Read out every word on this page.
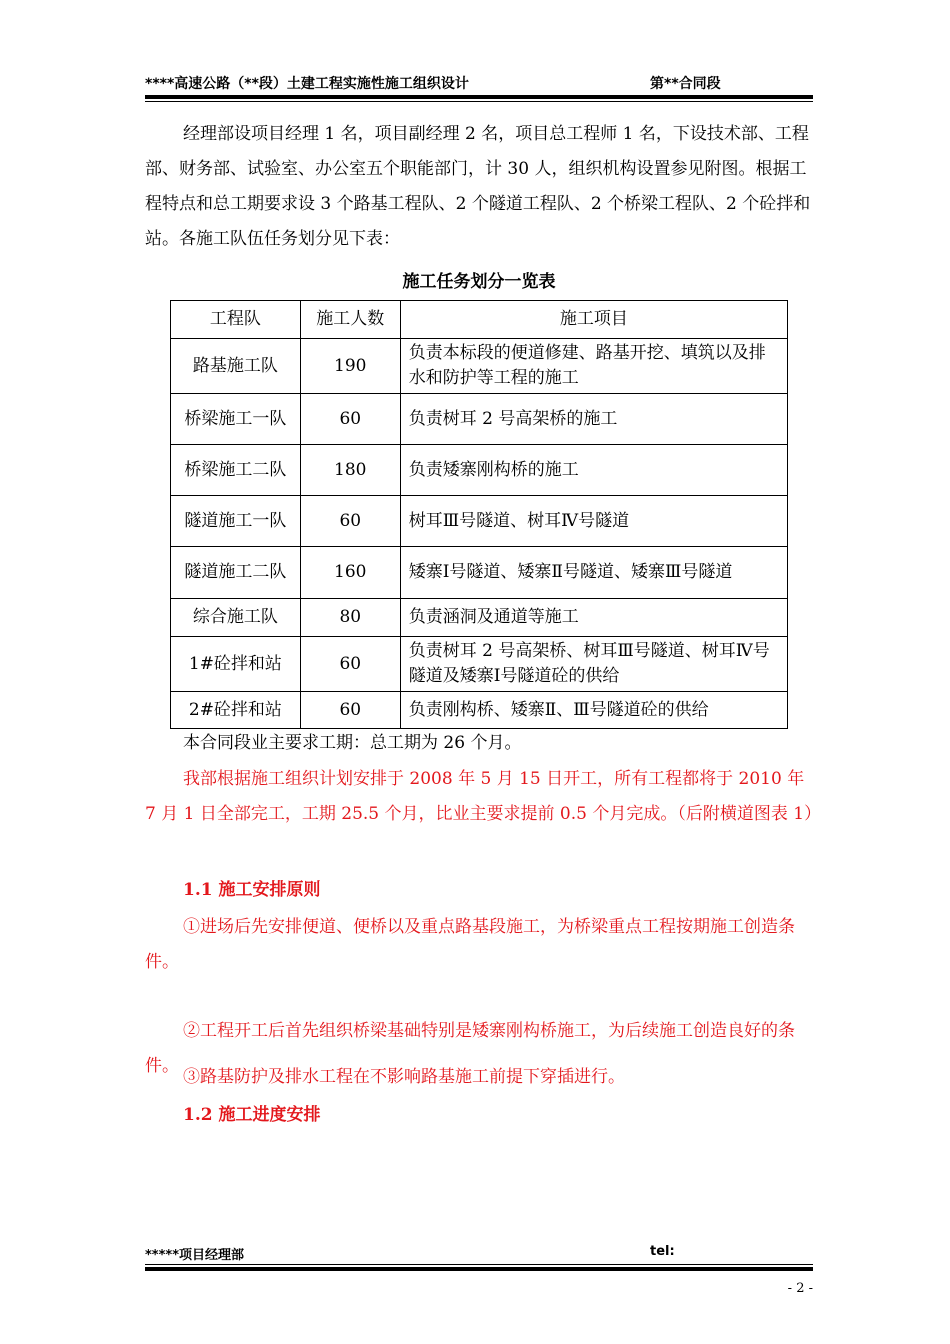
****高速公路（**段）土建工程实施性施工组织设计	第**合同段

经理部设项目经理 1 名，项目副经理 2 名，项目总工程师 1 名，下设技术部、工程部、财务部、试验室、办公室五个职能部门，计 30 人，组织机构设置参见附图。根据工程特点和总工期要求设 3 个路基工程队、2 个隧道工程队、2 个桥梁工程队、2 个砼拌和站。各施工队伍任务划分见下表：

施工任务划分一览表
工程队	施工人数	施工项目
路基施工队	190	负责本标段的便道修建、路基开挖、填筑以及排水和防护等工程的施工
桥梁施工一队	60	负责树耳 2 号高架桥的施工
桥梁施工二队	180	负责矮寨刚构桥的施工
隧道施工一队	60	树耳Ⅲ号隧道、树耳Ⅳ号隧道
隧道施工二队	160	矮寨Ⅰ号隧道、矮寨Ⅱ号隧道、矮寨Ⅲ号隧道
综合施工队	80	负责涵洞及通道等施工
1#砼拌和站	60	负责树耳 2 号高架桥、树耳Ⅲ号隧道、树耳Ⅳ号隧道及矮寨Ⅰ号隧道砼的供给
2#砼拌和站	60	负责刚构桥、矮寨Ⅱ、Ⅲ号隧道砼的供给

本合同段业主要求工期：总工期为 26 个月。

我部根据施工组织计划安排于 2008 年 5 月 15 日开工，所有工程都将于 2010 年 7 月 1 日全部完工，工期 25.5 个月，比业主要求提前 0.5 个月完成。（后附横道图表 1）

1.1 施工安排原则

①进场后先安排便道、便桥以及重点路基段施工，为桥梁重点工程按期施工创造条件。

②工程开工后首先组织桥梁基础特别是矮寨刚构桥施工，为后续施工创造良好的条件。

③路基防护及排水工程在不影响路基施工前提下穿插进行。

1.2 施工进度安排
*****项目经理部	tel:
- 2 -
